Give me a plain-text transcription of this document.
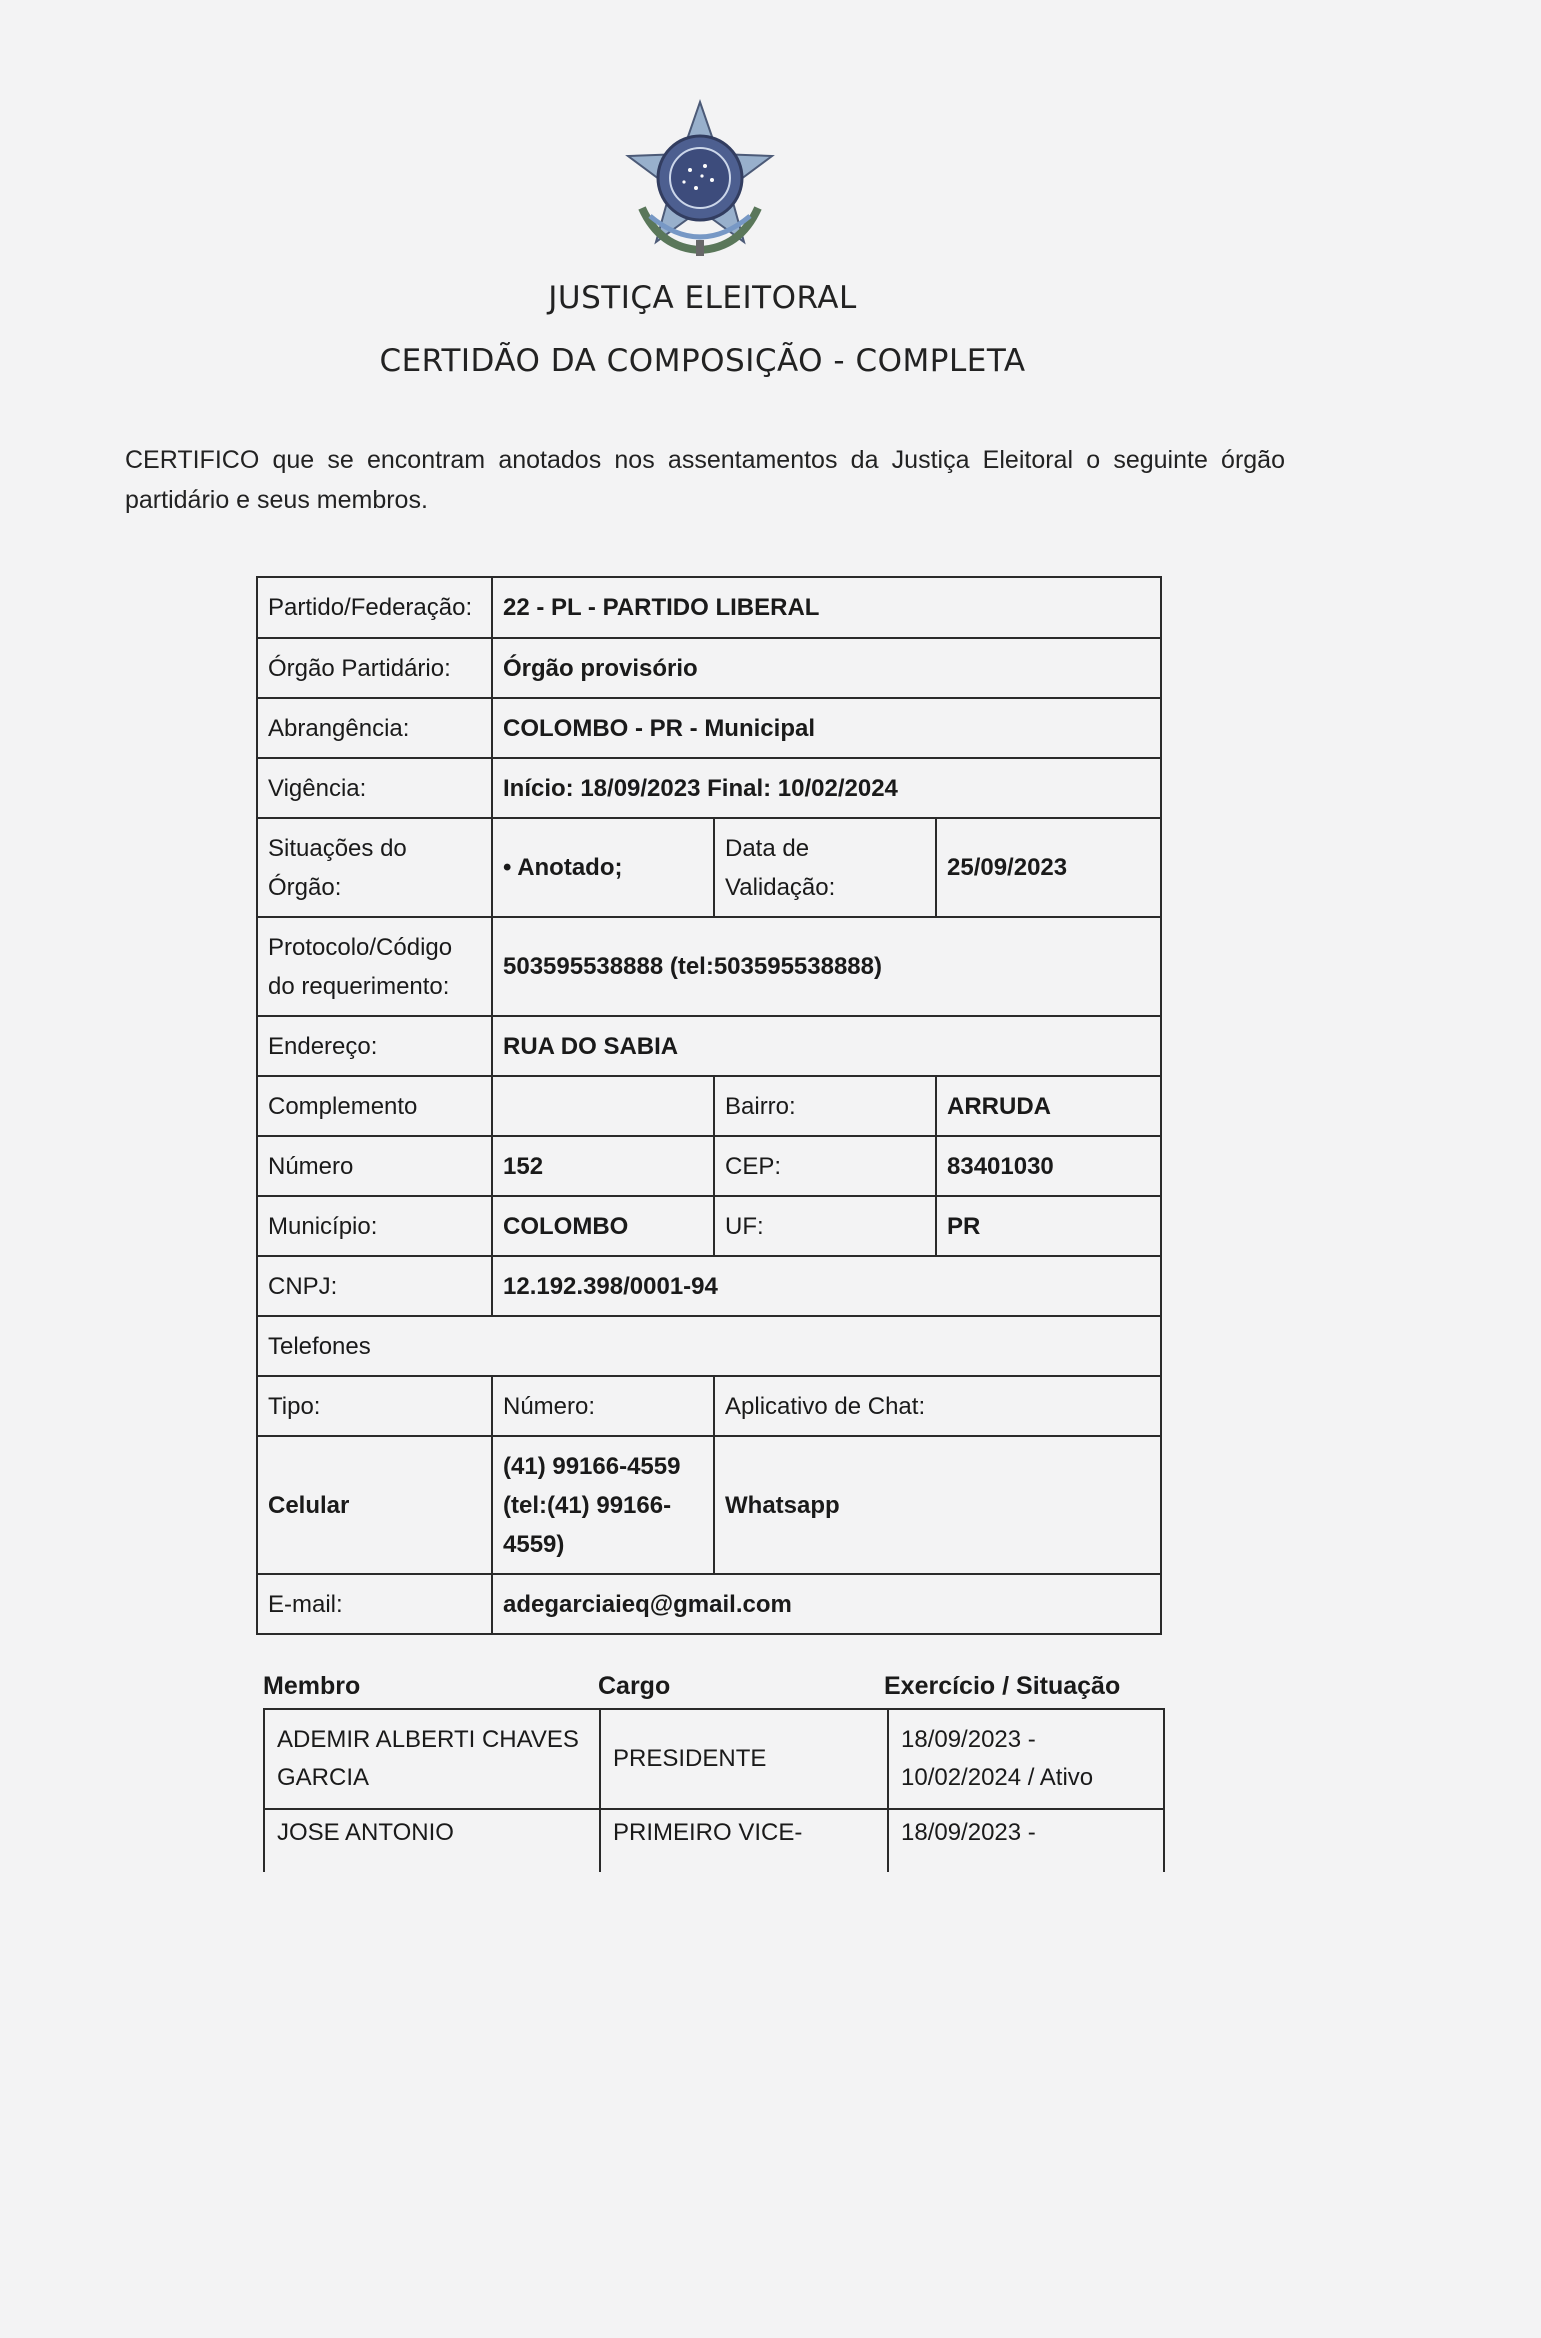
JUSTIÇA ELEITORAL
CERTIDÃO DA COMPOSIÇÃO - COMPLETA
CERTIFICO que se encontram anotados nos assentamentos da Justiça Eleitoral o seguinte órgão partidário e seus membros.
Partido/Federação:	22 - PL - PARTIDO LIBERAL		
Órgão Partidário:	Órgão provisório		
Abrangência:	COLOMBO - PR - Municipal		
Vigência:	Início: 18/09/2023 Final: 10/02/2024		
Situações do Órgão:	• Anotado;	Data de Validação:	25/09/2023
Protocolo/Código do requerimento:	503595538888 (tel:503595538888)		
Endereço:	RUA DO SABIA		
Complemento		Bairro:	ARRUDA
Número	152	CEP:	83401030
Município:	COLOMBO	UF:	PR
CNPJ:	12.192.398/0001-94		
Telefones			
Tipo:	Número:	Aplicativo de Chat:	
Celular	(41) 99166-4559 (tel:(41) 99166-4559)	Whatsapp	
E-mail:	adegarciaieq@gmail.com		
Membro	Cargo	Exercício / Situação
ADEMIR ALBERTI CHAVES GARCIA	PRESIDENTE	18/09/2023 - 10/02/2024 / Ativo
JOSE ANTONIO	PRIMEIRO VICE-	18/09/2023 -
